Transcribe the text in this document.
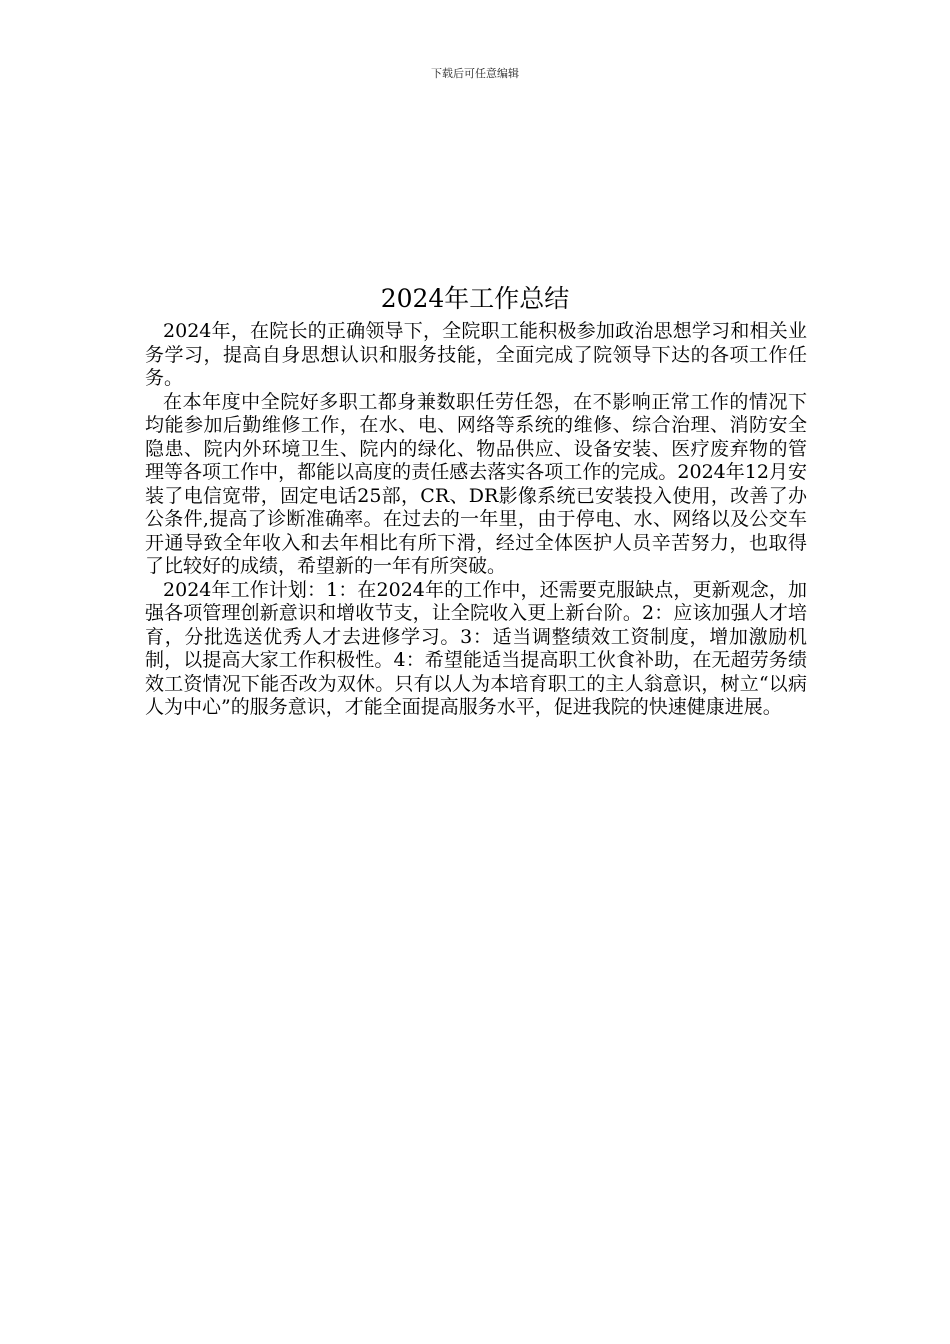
下载后可任意编辑
2024年工作总结

2024年，在院长的正确领导下，全院职工能积极参加政治思想学习和相关业务学习，提高自身思想认识和服务技能，全面完成了院领导下达的各项工作任务。

在本年度中全院好多职工都身兼数职任劳任怨，在不影响正常工作的情况下均能参加后勤维修工作，在水、电、网络等系统的维修、综合治理、消防安全隐患、院内外环境卫生、院内的绿化、物品供应、设备安装、医疗废弃物的管理等各项工作中，都能以高度的责任感去落实各项工作的完成。2024年12月安装了电信宽带，固定电话25部，CR、DR影像系统已安装投入使用，改善了办公条件,提高了诊断准确率。在过去的一年里，由于停电、水、网络以及公交车开通导致全年收入和去年相比有所下滑，经过全体医护人员辛苦努力，也取得了比较好的成绩，希望新的一年有所突破。

2024年工作计划：1：在2024年的工作中，还需要克服缺点，更新观念，加强各项管理创新意识和增收节支，让全院收入更上新台阶。2：应该加强人才培育，分批选送优秀人才去进修学习。3：适当调整绩效工资制度，增加激励机制，以提高大家工作积极性。4：希望能适当提高职工伙食补助，在无超劳务绩效工资情况下能否改为双休。只有以人为本培育职工的主人翁意识，树立“以病人为中心”的服务意识，才能全面提高服务水平，促进我院的快速健康进展。
